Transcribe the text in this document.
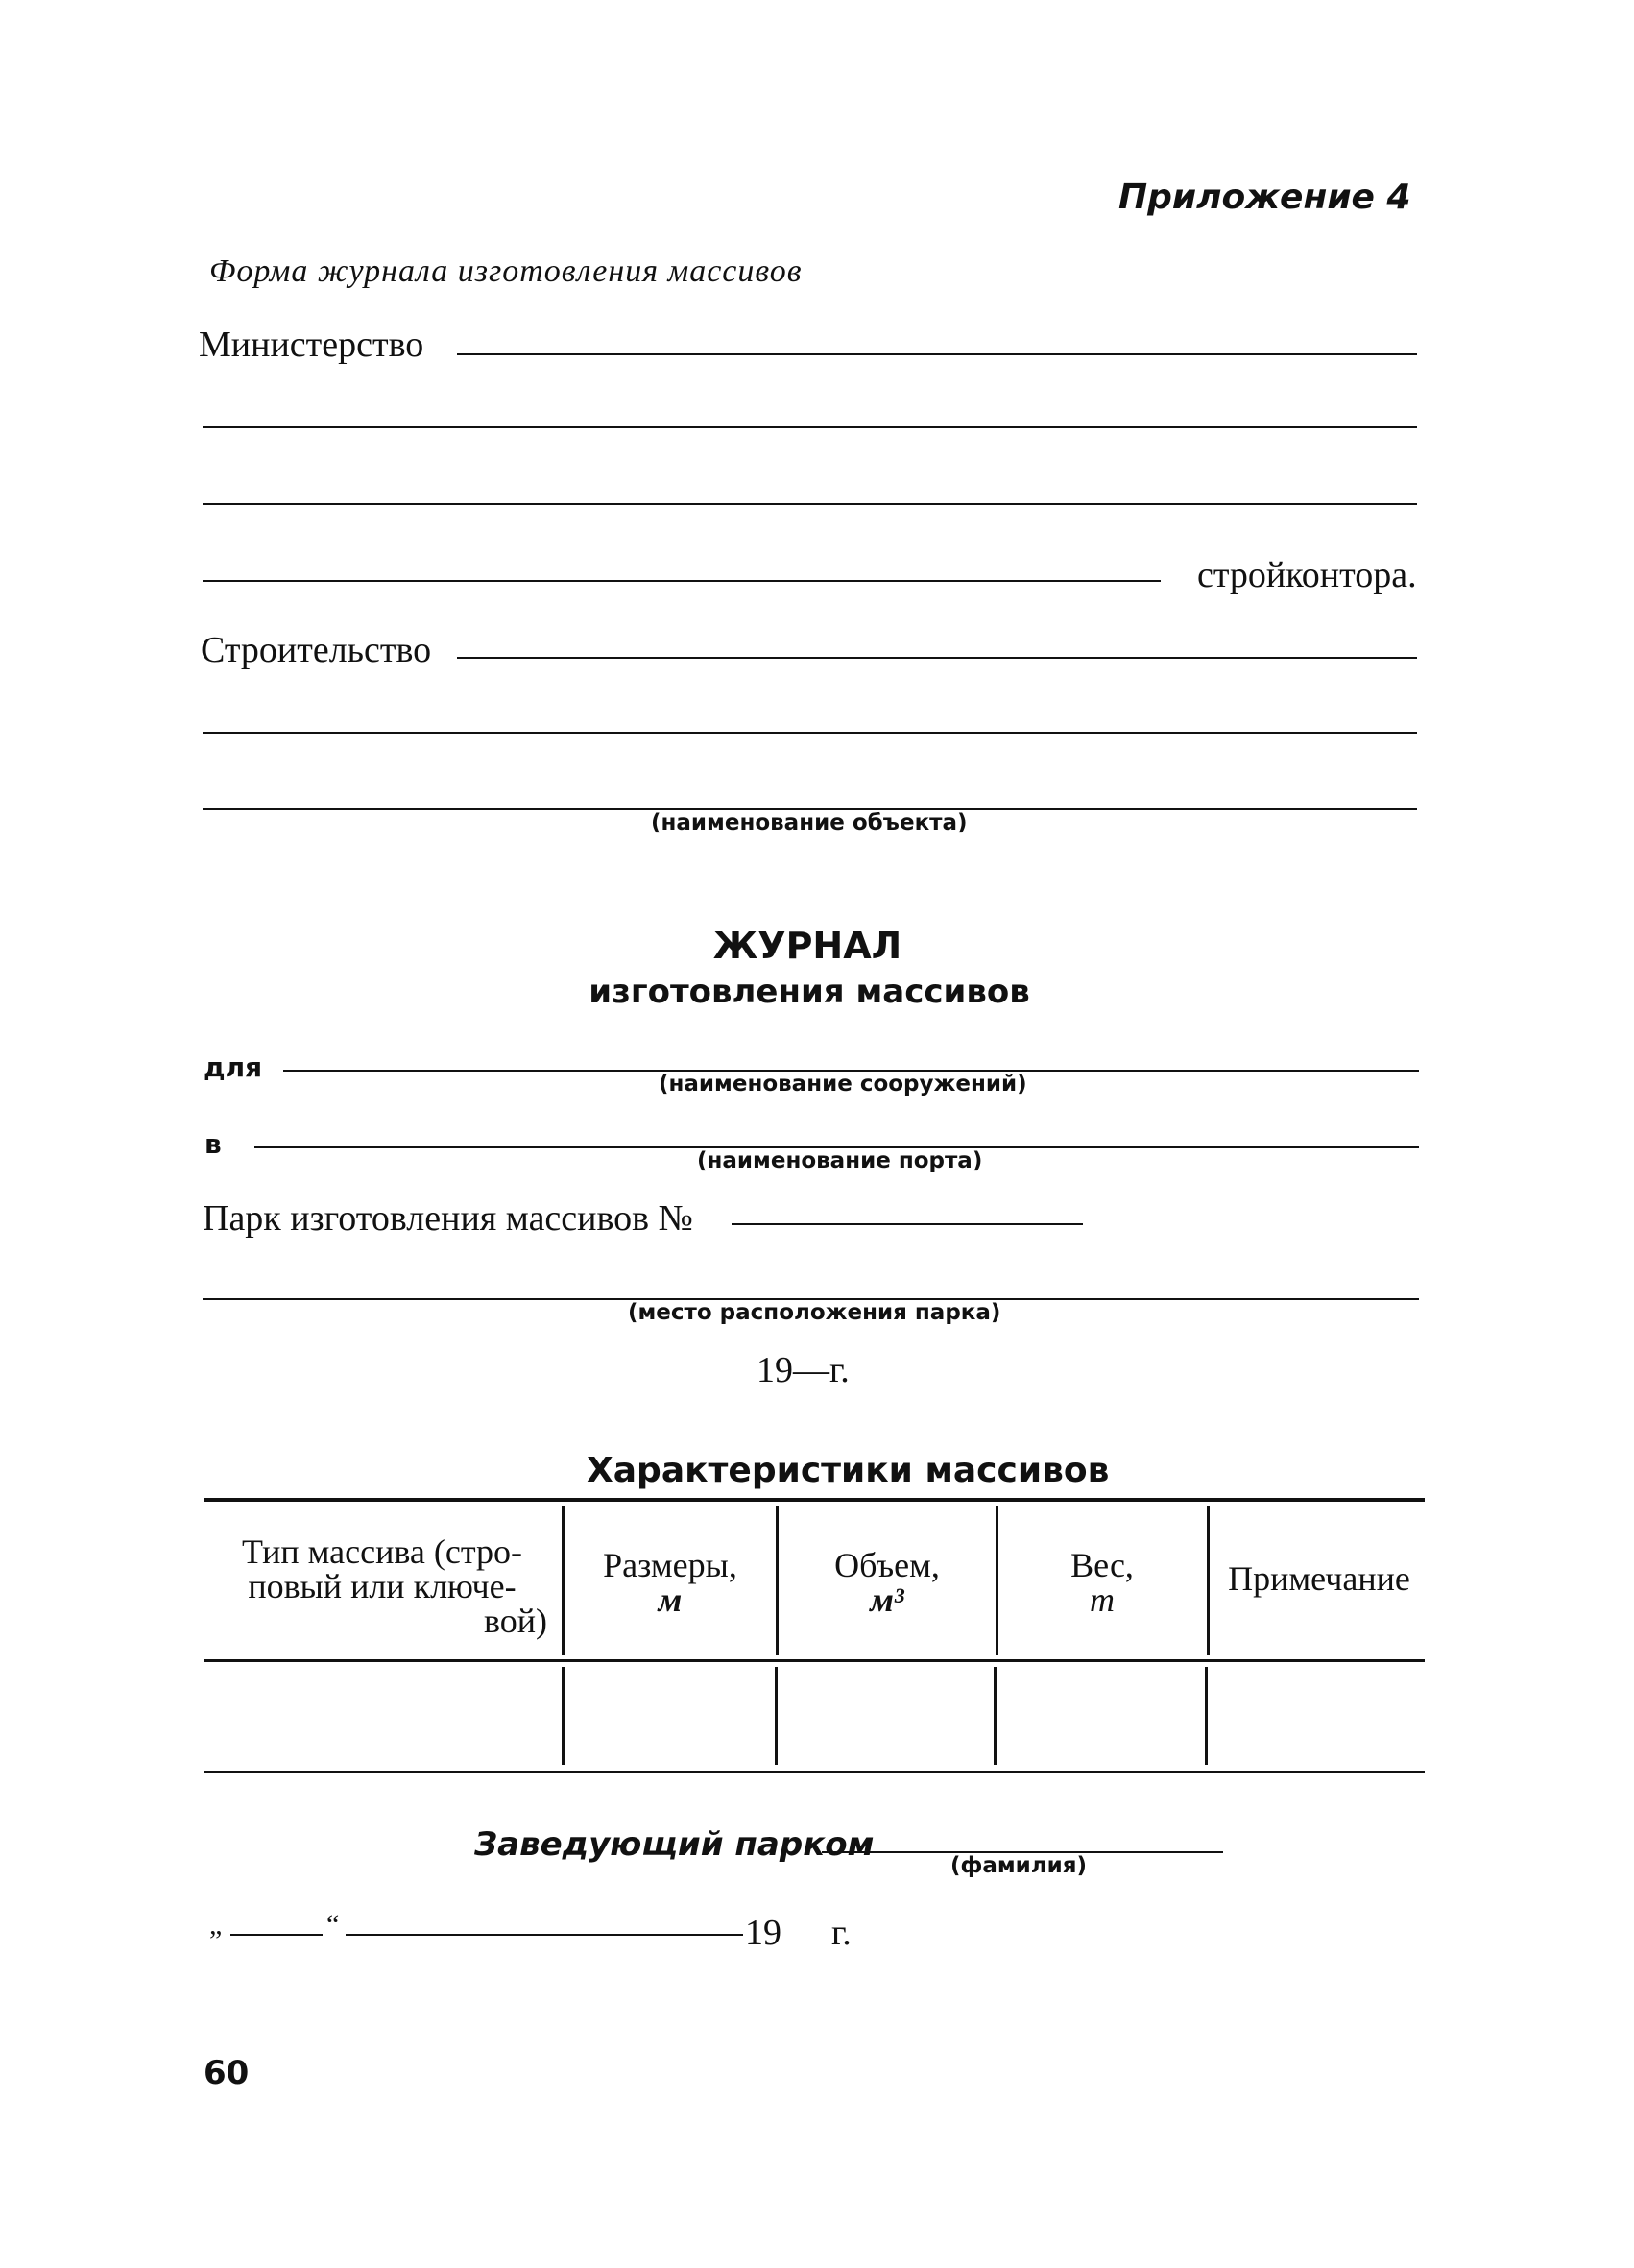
Приложение 4
Форма журнала изготовления массивов
Министерство
стройконтора.
Строительство
(наименование объекта)
ЖУРНАЛ
изготовления массивов
для
(наименование сооружений)
в
(наименование порта)
Парк изготовления массивов №
(место расположения парка)
19—г.
Характеристики массивов
Тип массива (стро-
повый или ключе-
вой)
Размеры,
м
Объем,
м³
Вес,
т
Примечание
Заведующий парком
(фамилия)
„	“	19 г.
60
